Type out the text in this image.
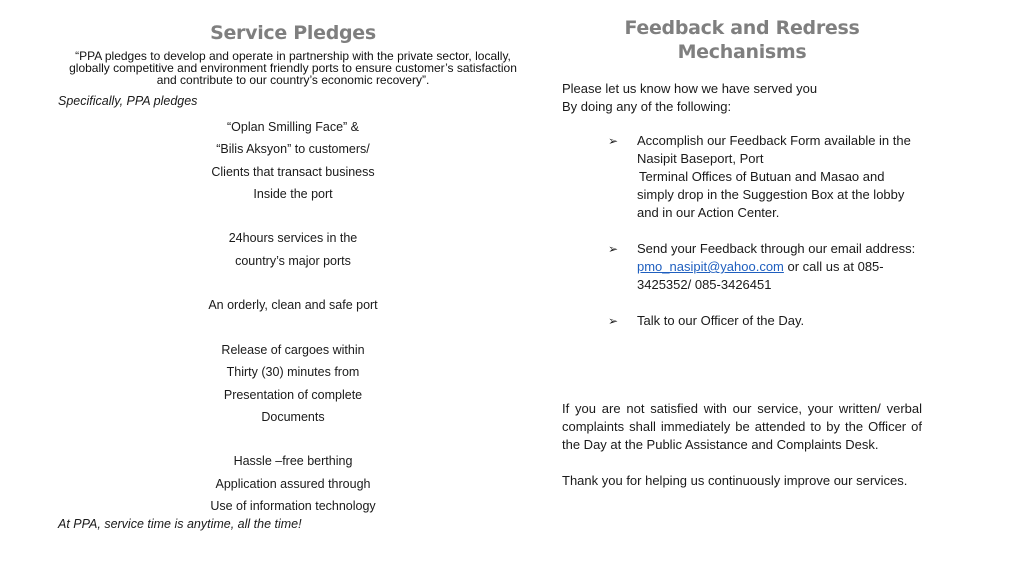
Service Pledges
“PPA pledges to develop and operate in partnership with the private sector, locally, globally competitive and environment friendly ports to ensure customer’s satisfaction and contribute to our country’s economic recovery”.
Specifically, PPA pledges
“Oplan Smilling Face” &
“Bilis Aksyon” to customers/
Clients that transact business
Inside the port
24hours services in the
country’s major ports
An orderly, clean and safe port
Release of cargoes within
Thirty (30) minutes from
Presentation of complete
Documents
Hassle –free berthing
Application assured through
Use of information technology
At PPA, service time is anytime, all the time!
Feedback and Redress
Mechanisms
Please let us know how we have served you
By doing any of the following:
➢ Accomplish our Feedback Form available in the Nasipit Baseport, Port
Terminal Offices of Butuan and Masao and simply drop in the Suggestion Box at the lobby and in our Action Center.
➢ Send your Feedback through our email address: pmo_nasipit@yahoo.com or call us at 085-3425352/ 085-3426451
➢ Talk to our Officer of the Day.
If you are not satisfied with our service, your written/ verbal complaints shall immediately be attended to by the Officer of the Day at the Public Assistance and Complaints Desk.
Thank you for helping us continuously improve our services.
